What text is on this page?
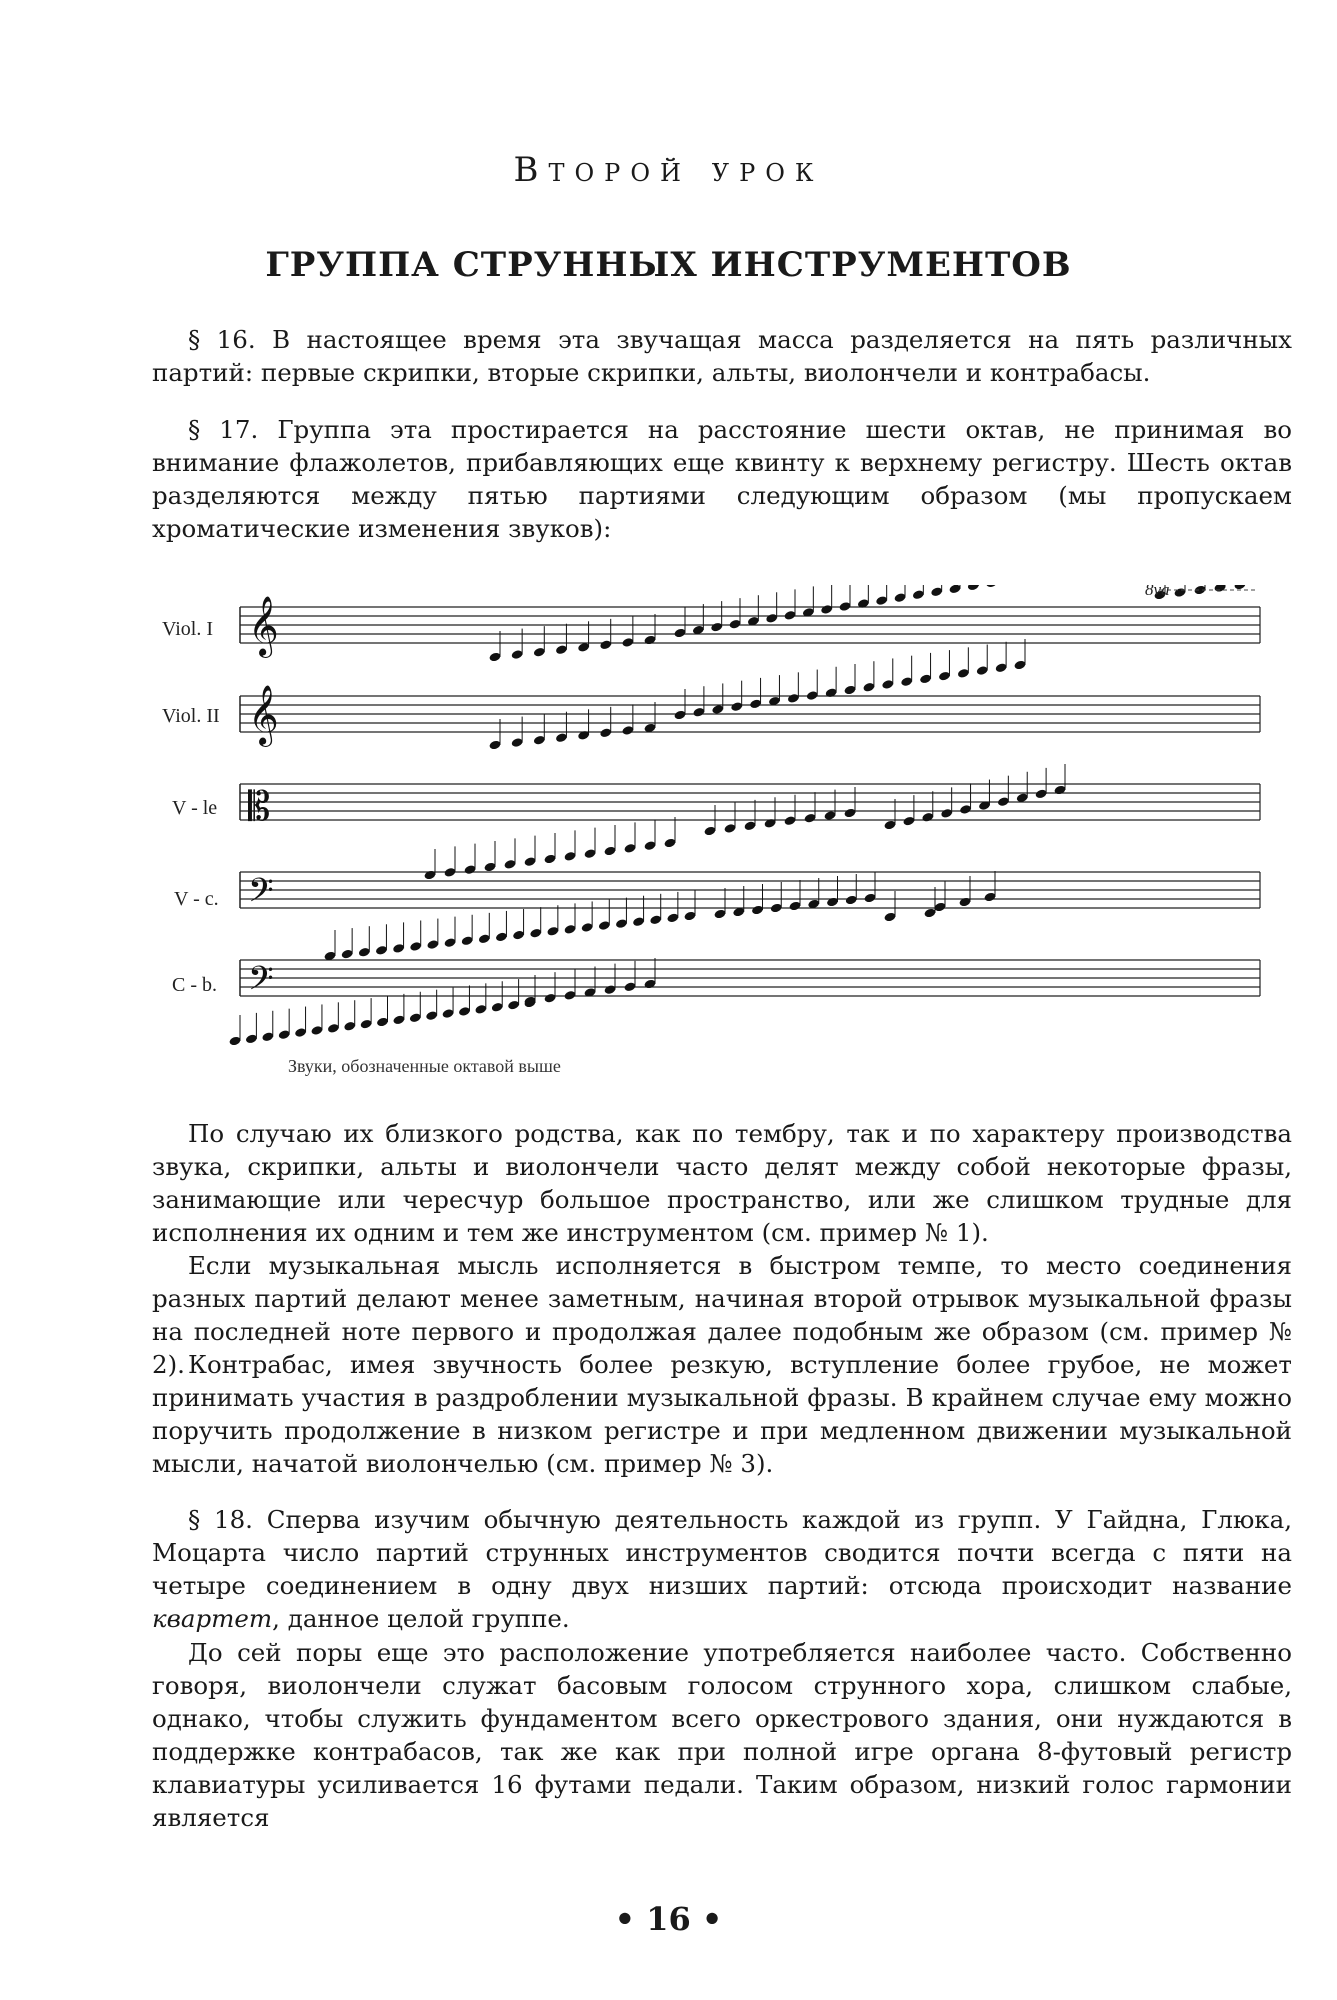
Второй урок
ГРУППА СТРУННЫХ ИНСТРУМЕНТОВ
§ 16. В настоящее время эта звучащая масса разделяется на пять различных партий: первые скрипки, вторые скрипки, альты, виолончели и контрабасы.
§ 17. Группа эта простирается на расстояние шести октав, не принимая во внимание флажолетов, прибавляющих еще квинту к верхнему регистру. Шесть октав разделяются между пятью партиями следующим образом (мы пропускаем хроматические изменения звуков):
𝄞
𝄞
𝄡
𝄢
𝄢
Viol. I
Viol. II
V - le
V - c.
C - b.
8va
Звуки, обозначенные октавой выше
По случаю их близкого родства, как по тембру, так и по характеру производства звука, скрипки, альты и виолончели часто делят между собой некоторые фразы, занимающие или чересчур большое пространство, или же слишком трудные для исполнения их одним и тем же инструментом (см. пример № 1).
Если музыкальная мысль исполняется в быстром темпе, то место соединения разных партий делают менее заметным, начиная второй отрывок музыкальной фразы на последней ноте первого и продолжая далее подобным же образом (см. пример № 2). Контрабас, имея звучность более резкую, вступление более грубое, не может принимать участия в раздроблении музыкальной фразы. В крайнем случае ему можно поручить продолжение в низком регистре и при медленном движении музыкальной мысли, начатой виолончелью (см. пример № 3).
§ 18. Сперва изучим обычную деятельность каждой из групп. У Гайдна, Глюка, Моцарта число партий струнных инструментов сводится почти всегда с пяти на четыре соединением в одну двух низших партий: отсюда происходит название квартет, данное целой группе.
До сей поры еще это расположение употребляется наиболее часто. Собственно говоря, виолончели служат басовым голосом струнного хора, слишком слабые, однако, чтобы служить фундаментом всего оркестрового здания, они нуждаются в поддержке контрабасов, так же как при полной игре органа 8-футовый регистр клавиатуры усиливается 16 футами педали. Таким образом, низкий голос гармонии является
• 16 •
